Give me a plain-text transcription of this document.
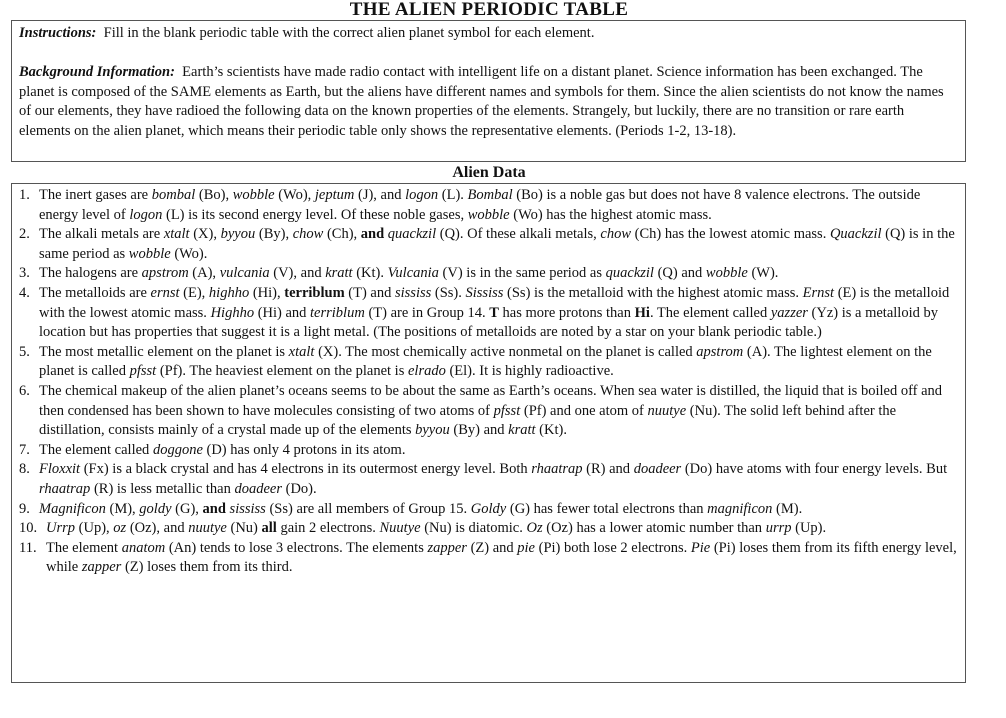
THE ALIEN PERIODIC TABLE

Instructions: Fill in the blank periodic table with the correct alien planet symbol for each element.

Background Information: Earth’s scientists have made radio contact with intelligent life on a distant planet. Science information has been exchanged. The planet is composed of the SAME elements as Earth, but the aliens have different names and symbols for them. Since the alien scientists do not know the names of our elements, they have radioed the following data on the known properties of the elements. Strangely, but luckily, there are no transition or rare earth elements on the alien planet, which means their periodic table only shows the representative elements. (Periods 1-2, 13-18).

Alien Data
1. The inert gases are bombal (Bo), wobble (Wo), jeptum (J), and logon (L). Bombal (Bo) is a noble gas but does not have 8 valence electrons. The outside energy level of logon (L) is its second energy level. Of these noble gases, wobble (Wo) has the highest atomic mass.
2. The alkali metals are xtalt (X), byyou (By), chow (Ch), and quackzil (Q). Of these alkali metals, chow (Ch) has the lowest atomic mass. Quackzil (Q) is in the same period as wobble (Wo).
3. The halogens are apstrom (A), vulcania (V), and kratt (Kt). Vulcania (V) is in the same period as quackzil (Q) and wobble (W).
4. The metalloids are ernst (E), highho (Hi), terriblum (T) and sississ (Ss). Sississ (Ss) is the metalloid with the highest atomic mass. Ernst (E) is the metalloid with the lowest atomic mass. Highho (Hi) and terriblum (T) are in Group 14. T has more protons than Hi. The element called yazzer (Yz) is a metalloid by location but has properties that suggest it is a light metal. (The positions of metalloids are noted by a star on your blank periodic table.)
5. The most metallic element on the planet is xtalt (X). The most chemically active nonmetal on the planet is called apstrom (A). The lightest element on the planet is called pfsst (Pf). The heaviest element on the planet is elrado (El). It is highly radioactive.
6. The chemical makeup of the alien planet’s oceans seems to be about the same as Earth’s oceans. When sea water is distilled, the liquid that is boiled off and then condensed has been shown to have molecules consisting of two atoms of pfsst (Pf) and one atom of nuutye (Nu). The solid left behind after the distillation, consists mainly of a crystal made up of the elements byyou (By) and kratt (Kt).
7. The element called doggone (D) has only 4 protons in its atom.
8. Floxxit (Fx) is a black crystal and has 4 electrons in its outermost energy level. Both rhaatrap (R) and doadeer (Do) have atoms with four energy levels. But rhaatrap (R) is less metallic than doadeer (Do).
9. Magnificon (M), goldy (G), and sississ (Ss) are all members of Group 15. Goldy (G) has fewer total electrons than magnificon (M).
10. Urrp (Up), oz (Oz), and nuutye (Nu) all gain 2 electrons. Nuutye (Nu) is diatomic. Oz (Oz) has a lower atomic number than urrp (Up).
11. The element anatom (An) tends to lose 3 electrons. The elements zapper (Z) and pie (Pi) both lose 2 electrons. Pie (Pi) loses them from its fifth energy level, while zapper (Z) loses them from its third.
